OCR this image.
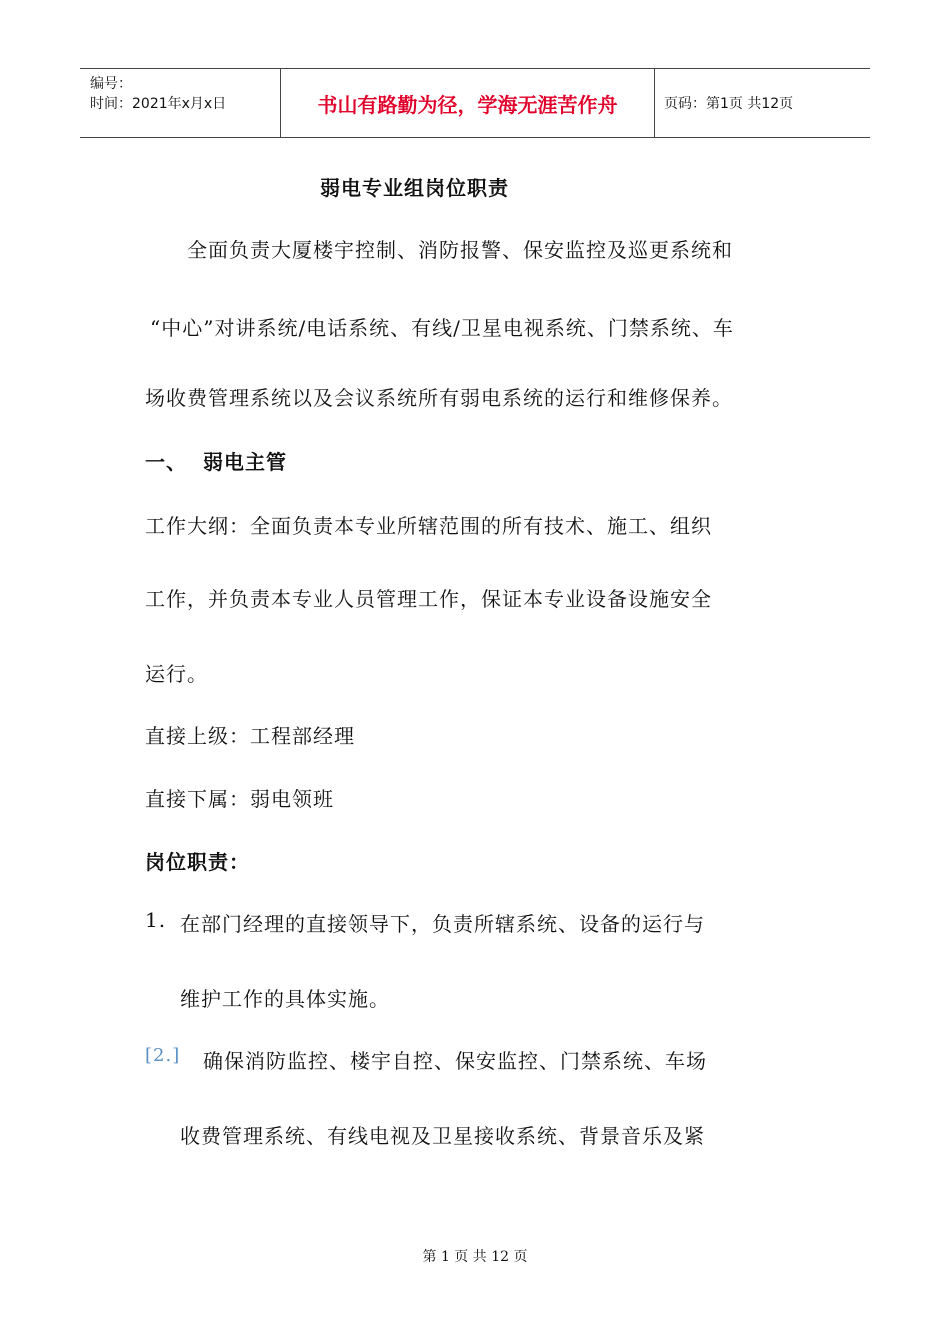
编号：
时间：2021年x月x日	书山有路勤为径，学海无涯苦作舟	页码：第1页 共12页
弱电专业组岗位职责
全面负责大厦楼宇控制、消防报警、保安监控及巡更系统和
“中心”对讲系统/电话系统、有线/卫星电视系统、门禁系统、车
场收费管理系统以及会议系统所有弱电系统的运行和维修保养。
一、 弱电主管
工作大纲：全面负责本专业所辖范围的所有技术、施工、组织
工作，并负责本专业人员管理工作，保证本专业设备设施安全
运行。
直接上级：工程部经理
直接下属：弱电领班
岗位职责：
1. 在部门经理的直接领导下，负责所辖系统、设备的运行与
维护工作的具体实施。
[2.] 确保消防监控、楼宇自控、保安监控、门禁系统、车场
收费管理系统、有线电视及卫星接收系统、背景音乐及紧
第 1 页 共 12 页
